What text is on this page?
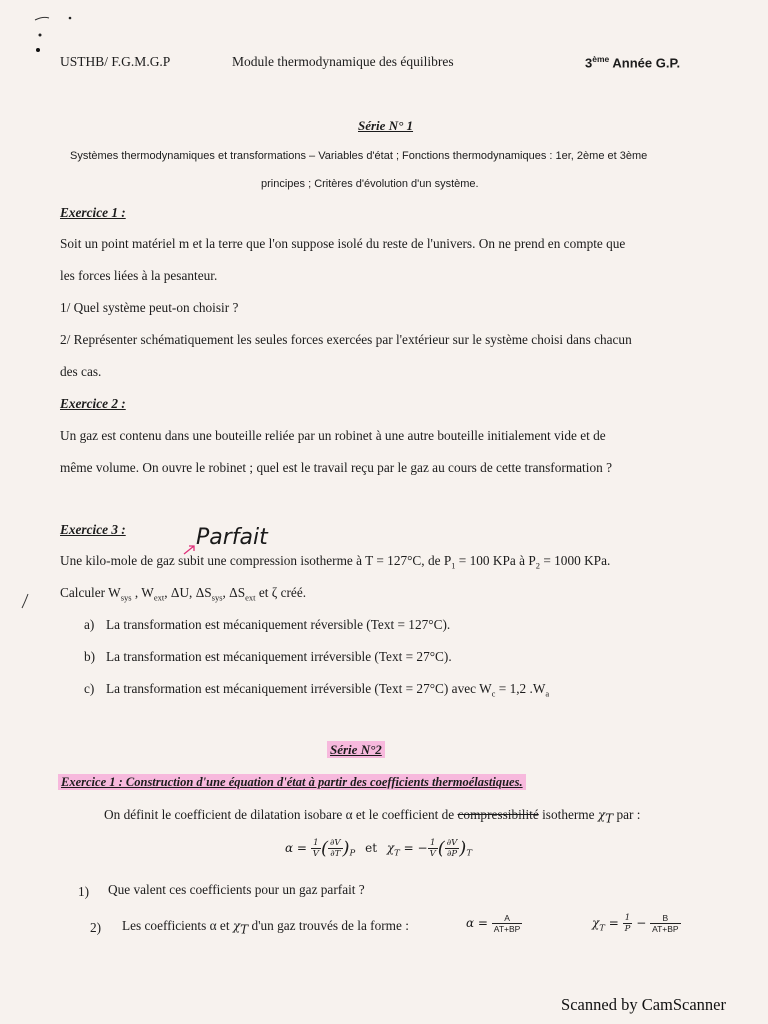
USTHB/ F.G.M.G.P	Module thermodynamique des équilibres	3ème Année G.P.
Série N° 1
Systèmes thermodynamiques et transformations – Variables d'état ; Fonctions thermodynamiques : 1er, 2ème et 3ème
principes ; Critères d'évolution d'un système.
Exercice 1 :
Soit un point matériel m et la terre que l'on suppose isolé du reste de l'univers. On ne prend en compte que
les forces liées à la pesanteur.
1/ Quel système peut-on choisir ?
2/ Représenter schématiquement les seules forces exercées par l'extérieur sur le système choisi dans chacun
des cas.
Exercice 2 :
Un gaz est contenu dans une bouteille reliée par un robinet à une autre bouteille initialement vide et de
même volume. On ouvre le robinet ; quel est le travail reçu par le gaz au cours de cette transformation ?
Exercice 3 :	Parfait
Une kilo-mole de gaz subit une compression isotherme à T = 127°C, de $P_1 = 100$ KPa à $P_2 = 1000$ KPa.
Calculer $W_{sys}$ , $W_{ext}$, ΔU, $\Delta S_{sys}$, $\Delta S_{ext}$ et ζ créé.
a) La transformation est mécaniquement réversible (Text = 127°C).
b) La transformation est mécaniquement irréversible (Text = 27°C).
c) La transformation est mécaniquement irréversible (Text = 27°C) avec $W_c = 1,2$ $.W_a$
Série N°2
Exercice 1 : Construction d'une équation d'état à partir des coefficients thermoélastiques.
On définit le coefficient de dilatation isobare α et le coefficient de compressibilité isotherme $\chi_T$ par :
$\alpha = \frac{1}{V}$ ( $\frac{\partial V}{\partial T} )_P$ et $\chi_T$ = − $\frac{1}{V}$ ( $\frac{\partial V}{\partial P} )_T$
1) Que valent ces coefficients pour un gaz parfait ?
2) Les coefficients α et $\chi_T$ d'un gaz trouvés de la forme :	$\alpha = \frac{A}{AT+BP}$	$\chi_T = \frac{1}{P} - \frac{B}{AT+BP}$
Scanned by CamScanner
